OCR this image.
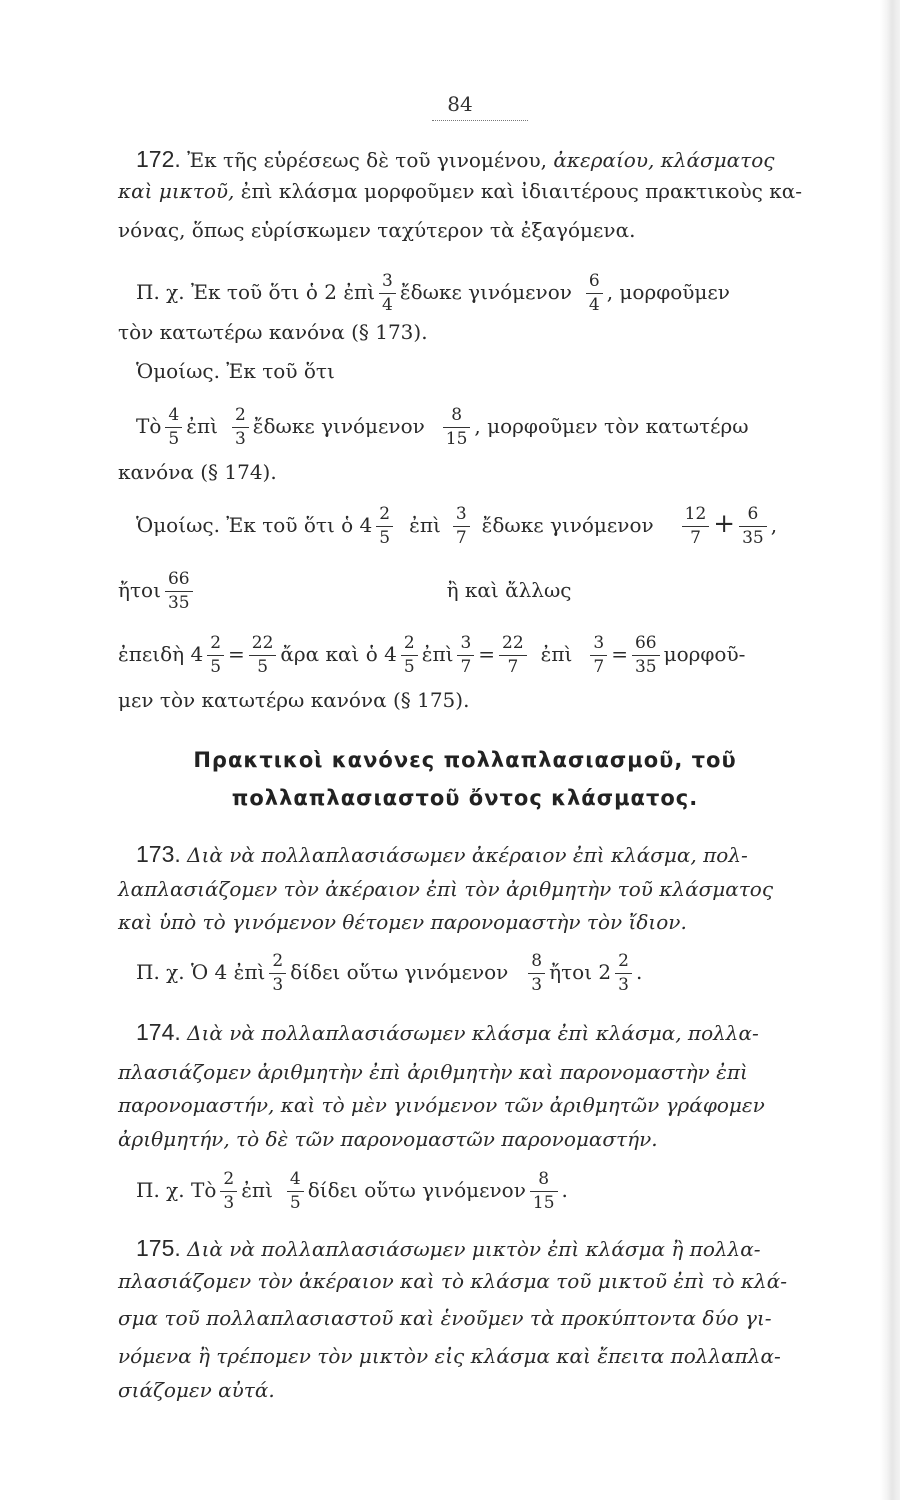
84
172. Ἐκ τῆς εὑρέσεως δὲ τοῦ γινομένου, ἀκεραίου, κλάσματος
καὶ μικτοῦ, ἐπὶ κλάσμα μορφοῦμεν καὶ ἰδιαιτέρους πρακτικοὺς κα-
νόνας, ὅπως εὑρίσκωμεν ταχύτερον τὰ ἐξαγόμενα.
Π. χ. Ἐκ τοῦ ὅτι ὁ 2 ἐπὶ $\frac{3}{4}$ ἔδωκε γινόμενον $\frac{6}{4}$ , μορφοῦμεν
τὸν κατωτέρω κανόνα (§ 173).
Ὁμοίως. Ἐκ τοῦ ὅτι
Τὸ $\frac{4}{5}$ ἐπὶ $\frac{2}{3}$ ἔδωκε γινόμενον $\frac{8}{15}$ , μορφοῦμεν τὸν κατωτέρω
κανόνα (§ 174).
Ὁμοίως. Ἐκ τοῦ ὅτι ὁ $4 \frac{2}{5}$ ἐπὶ $\frac{3}{7}$ ἔδωκε γινόμενον $\frac{12}{7} + \frac{6}{35}$ ,
ἤτοι $\frac{66}{35}$	ἢ καὶ ἄλλως
ἐπειδὴ $4 \frac{2}{5} = \frac{22}{5}$ ἄρα καὶ ὁ $4 \frac{2}{5}$ ἐπὶ $\frac{3}{7} = \frac{22}{7}$ ἐπὶ $\frac{3}{7} = \frac{66}{35}$ μορφοῦ-
μεν τὸν κατωτέρω κανόνα (§ 175).
Πρακτικοὶ κανόνες πολλαπλασιασμοῦ, τοῦ
πολλαπλασιαστοῦ ὄντος κλάσματος.
173. Διὰ νὰ πολλαπλασιάσωμεν ἀκέραιον ἐπὶ κλάσμα, πολ-
λαπλασιάζομεν τὸν ἀκέραιον ἐπὶ τὸν ἀριθμητὴν τοῦ κλάσματος
καὶ ὑπὸ τὸ γινόμενον θέτομεν παρονομαστὴν τὸν ἴδιον.
Π. χ. Ὁ 4 ἐπὶ $\frac{2}{3}$ δίδει οὕτω γινόμενον $\frac{8}{3}$ ἤτοι $2 \frac{2}{3}$ .
174. Διὰ νὰ πολλαπλασιάσωμεν κλάσμα ἐπὶ κλάσμα, πολλα-
πλασιάζομεν ἀριθμητὴν ἐπὶ ἀριθμητὴν καὶ παρονομαστὴν ἐπὶ
παρονομαστήν, καὶ τὸ μὲν γινόμενον τῶν ἀριθμητῶν γράφομεν
ἀριθμητήν, τὸ δὲ τῶν παρονομαστῶν παρονομαστήν.
Π. χ. Τὸ $\frac{2}{3}$ ἐπὶ $\frac{4}{5}$ δίδει οὕτω γινόμενον $\frac{8}{15}$ .
175. Διὰ νὰ πολλαπλασιάσωμεν μικτὸν ἐπὶ κλάσμα ἢ πολλα-
πλασιάζομεν τὸν ἀκέραιον καὶ τὸ κλάσμα τοῦ μικτοῦ ἐπὶ τὸ κλά-
σμα τοῦ πολλαπλασιαστοῦ καὶ ἑνοῦμεν τὰ προκύπτοντα δύο γι-
νόμενα ἢ τρέπομεν τὸν μικτὸν εἰς κλάσμα καὶ ἔπειτα πολλαπλα-
σιάζομεν αὐτά.
